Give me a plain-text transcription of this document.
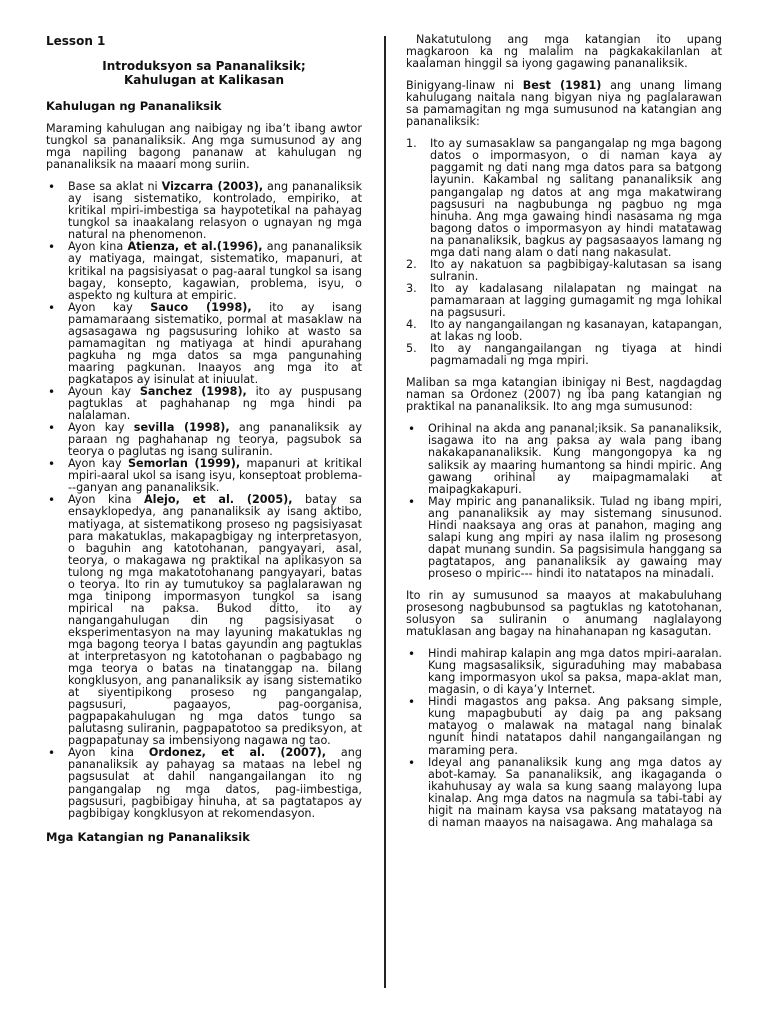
Lesson 1

Introduksyon sa Pananaliksik;
Kahulugan at Kalikasan

Kahulugan ng Pananaliksik

Maraming kahulugan ang naibigay ng iba’t ibang awtor tungkol sa pananaliksik. Ang mga sumusunod ay ang mga napiling bagong pananaw at kahulugan ng pananaliksik na maaari mong suriin.

• Base sa aklat ni Vizcarra (2003), ang pananaliksik ay isang sistematiko, kontrolado, empiriko, at kritikal mpiri-imbestiga sa haypotetikal na pahayag tungkol sa inaakalang relasyon o ugnayan ng mga natural na phenomenon.
• Ayon kina Atienza, et al.(1996), ang pananaliksik ay matiyaga, maingat, sistematiko, mapanuri, at kritikal na pagsisiyasat o pag-aaral tungkol sa isang bagay, konsepto, kagawian, problema, isyu, o aspekto ng kultura at empiric.
• Ayon kay Sauco (1998), ito ay isang pamamaraang sistematiko, pormal at masaklaw na agsasagawa ng pagsusuring lohiko at wasto sa pamamagitan ng matiyaga at hindi apurahang pagkuha ng mga datos sa mga pangunahing maaring pagkunan. Inaayos ang mga ito at pagkatapos ay isinulat at iniuulat.
• Ayoun kay Sanchez (1998), ito ay puspusang pagtuklas at paghahanap ng mga hindi pa nalalaman.
• Ayon kay sevilla (1998), ang pananaliksik ay paraan ng paghahanap ng teorya, pagsubok sa teorya o paglutas ng isang suliranin.
• Ayon kay Semorlan (1999), mapanuri at kritikal mpiri-aaral ukol sa isang isyu, konseptoat problema---ganyan ang pananaliksik.
• Ayon kina Alejo, et al. (2005), batay sa ensayklopedya, ang pananaliksik ay isang aktibo, matiyaga, at sistematikong proseso ng pagsisiyasat para makatuklas, makapagbigay ng interpretasyon, o baguhin ang katotohanan, pangyayari, asal, teorya, o makagawa ng praktikal na aplikasyon sa tulong ng mga makatotohanang pangyayari, batas o teorya. Ito rin ay tumutukoy sa paglalarawan ng mga tinipong impormasyon tungkol sa isang mpirical na paksa. Bukod ditto, ito ay nangangahulugan din ng pagsisiyasat o eksperimentasyon na may layuning makatuklas ng mga bagong teorya I batas gayundin ang pagtuklas at interpretasyon ng katotohanan o pagbabago ng mga teorya o batas na tinatanggap na. bilang kongklusyon, ang pananaliksik ay isang sistematiko at siyentipikong proseso ng pangangalap, pagsusuri, pagaayos, pag-oorganisa, pagpapakahulugan ng mga datos tungo sa palutasng suliranin, pagpapatotoo sa prediksyon, at pagpapatunay sa imbensiyong nagawa ng tao.
• Ayon kina Ordonez, et al. (2007), ang pananaliksik ay pahayag sa mataas na lebel ng pagsusulat at dahil nangangailangan ito ng pangangalap ng mga datos, pag-iimbestiga, pagsusuri, pagbibigay hinuha, at sa pagtatapos ay pagbibigay kongklusyon at rekomendasyon.

Mga Katangian ng Pananaliksik

Nakatutulong ang mga katangian ito upang magkaroon ka ng malalim na pagkakakilanlan at kaalaman hinggil sa iyong gagawing pananaliksik.

Binigyang-linaw ni Best (1981) ang unang limang kahulugang naitala nang bigyan niya ng paglalarawan sa pamamagitan ng mga sumusunod na katangian ang pananaliksik:

1. Ito ay sumasaklaw sa pangangalap ng mga bagong datos o impormasyon, o di naman kaya ay paggamit ng dati nang mga datos para sa batgong layunin. Kakambal ng salitang pananaliksik ang pangangalap ng datos at ang mga makatwirang pagsusuri na nagbubunga ng pagbuo ng mga hinuha. Ang mga gawaing hindi nasasama ng mga bagong datos o impormasyon ay hindi matatawag na pananaliksik, bagkus ay pagsasaayos lamang ng mga dati nang alam o dati nang nakasulat.
2. Ito ay nakatuon sa pagbibigay-kalutasan sa isang sulranin.
3. Ito ay kadalasang nilalapatan ng maingat na pamamaraan at lagging gumagamit ng mga lohikal na pagsusuri.
4. Ito ay nangangailangan ng kasanayan, katapangan, at lakas ng loob.
5. Ito ay nangangailangan ng tiyaga at hindi pagmamadali ng mga mpiri.

Maliban sa mga katangian ibinigay ni Best, nagdagdag naman sa Ordonez (2007) ng iba pang katangian ng praktikal na pananaliksik. Ito ang mga sumusunod:

• Orihinal na akda ang pananal;iksik. Sa pananaliksik, isagawa ito na ang paksa ay wala pang ibang nakakapananaliksik. Kung mangongopya ka ng saliksik ay maaring humantong sa hindi mpiric. Ang gawang orihinal ay maipagmamalaki at maipagkakapuri.
• May mpiric ang pananaliksik. Tulad ng ibang mpiri, ang pananaliksik ay may sistemang sinusunod. Hindi naaksaya ang oras at panahon, maging ang salapi kung ang mpiri ay nasa ilalim ng prosesong dapat munang sundin. Sa pagsisimula hanggang sa pagtatapos, ang pananaliksik ay gawaing may proseso o mpiric--- hindi ito natatapos na minadali.

Ito rin ay sumusunod sa maayos at makabuluhang prosesong nagbubunsod sa pagtuklas ng katotohanan, solusyon sa suliranin o anumang naglalayong matuklasan ang bagay na hinahanapan ng kasagutan.

• Hindi mahirap kalapin ang mga datos mpiri-aaralan. Kung magsasaliksik, siguraduhing may mababasa kang impormasyon ukol sa paksa, mapa-aklat man, magasin, o di kaya’y Internet.
• Hindi magastos ang paksa. Ang paksang simple, kung mapagbubuti ay daig pa ang paksang matayog o malawak na matagal nang binalak ngunit hindi natatapos dahil nangangailangan ng maraming pera.
• Ideyal ang pananaliksik kung ang mga datos ay abot-kamay. Sa pananaliksik, ang ikagaganda o ikahuhusay ay wala sa kung saang malayong lupa kinalap. Ang mga datos na nagmula sa tabi-tabi ay higit na mainam kaysa vsa paksang matatayog na di naman maayos na naisagawa. Ang mahalaga sa
